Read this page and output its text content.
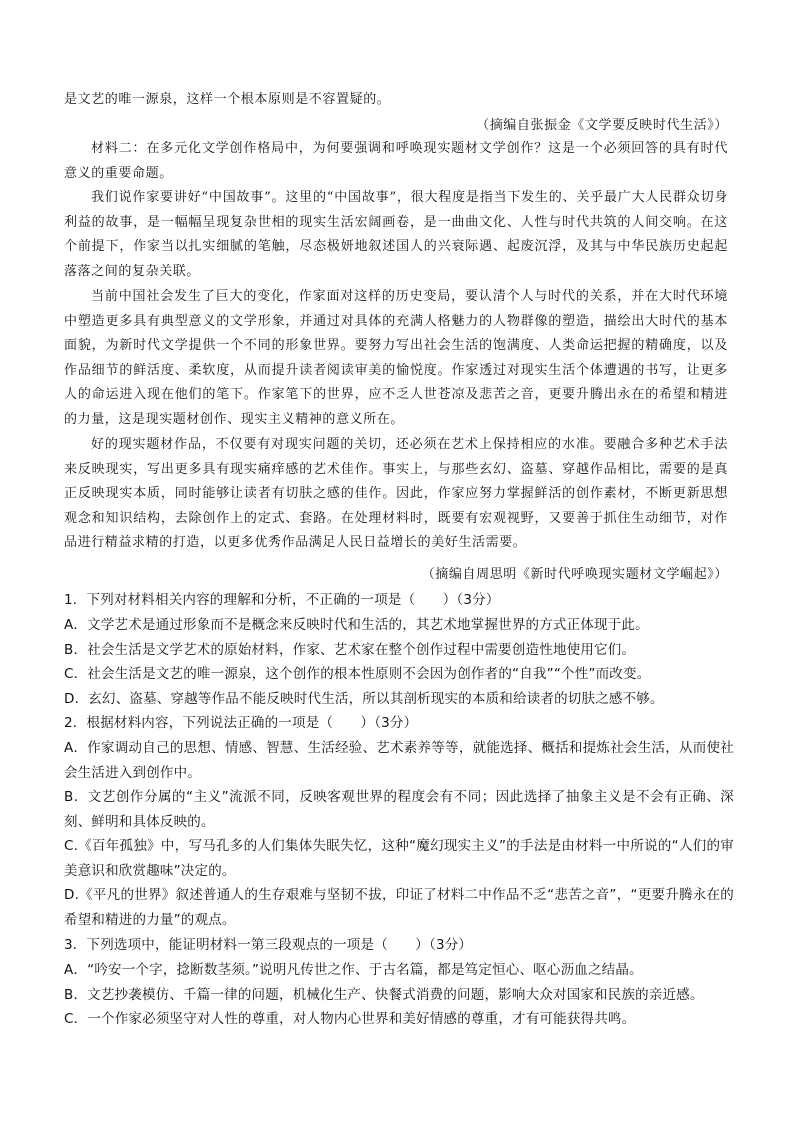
是文艺的唯一源泉，这样一个根本原则是不容置疑的。

（摘编自张振金《文学要反映时代生活》）

材料二：在多元化文学创作格局中，为何要强调和呼唤现实题材文学创作？这是一个必须回答的具有时代意义的重要命题。

我们说作家要讲好“中国故事”。这里的“中国故事”，很大程度是指当下发生的、关乎最广大人民群众切身利益的故事，是一幅幅呈现复杂世相的现实生活宏阔画卷，是一曲曲文化、人性与时代共筑的人间交响。在这个前提下，作家当以扎实细腻的笔触，尽态极妍地叙述国人的兴衰际遇、起废沉浮，及其与中华民族历史起起落落之间的复杂关联。

当前中国社会发生了巨大的变化，作家面对这样的历史变局，要认清个人与时代的关系，并在大时代环境中塑造更多具有典型意义的文学形象，并通过对具体的充满人格魅力的人物群像的塑造，描绘出大时代的基本面貌，为新时代文学提供一个不同的形象世界。要努力写出社会生活的饱满度、人类命运把握的精确度，以及作品细节的鲜活度、柔软度，从而提升读者阅读审美的愉悦度。作家透过对现实生活个体遭遇的书写，让更多人的命运进入现在他们的笔下。作家笔下的世界，应不乏人世苍凉及悲苦之音，更要升腾出永在的希望和精进的力量，这是现实题材创作、现实主义精神的意义所在。

好的现实题材作品，不仅要有对现实问题的关切，还必须在艺术上保持相应的水准。要融合多种艺术手法来反映现实，写出更多具有现实痛痒感的艺术佳作。事实上，与那些玄幻、盗墓、穿越作品相比，需要的是真正反映现实本质，同时能够让读者有切肤之感的佳作。因此，作家应努力掌握鲜活的创作素材，不断更新思想观念和知识结构，去除创作上的定式、套路。在处理材料时，既要有宏观视野，又要善于抓住生动细节，对作品进行精益求精的打造，以更多优秀作品满足人民日益增长的美好生活需要。

（摘编自周思明《新时代呼唤现实题材文学崛起》）

1．下列对材料相关内容的理解和分析，不正确的一项是（　　）（3分）

A．文学艺术是通过形象而不是概念来反映时代和生活的，其艺术地掌握世界的方式正体现于此。

B．社会生活是文学艺术的原始材料，作家、艺术家在整个创作过程中需要创造性地使用它们。

C．社会生活是文艺的唯一源泉，这个创作的根本性原则不会因为创作者的“自我”“个性”而改变。

D．玄幻、盗墓、穿越等作品不能反映时代生活，所以其剖析现实的本质和给读者的切肤之感不够。

2．根据材料内容，下列说法正确的一项是（　　）（3分）

A．作家调动自己的思想、情感、智慧、生活经验、艺术素养等等，就能选择、概括和提炼社会生活，从而使社会生活进入到创作中。

B．文艺创作分属的“主义”流派不同，反映客观世界的程度会有不同；因此选择了抽象主义是不会有正确、深刻、鲜明和具体反映的。

C.《百年孤独》中，写马孔多的人们集体失眠失忆，这种“魔幻现实主义”的手法是由材料一中所说的“人们的审美意识和欣赏趣味”决定的。

D.《平凡的世界》叙述普通人的生存艰难与坚韧不拔，印证了材料二中作品不乏“悲苦之音”，“更要升腾永在的希望和精进的力量”的观点。

3．下列选项中，能证明材料一第三段观点的一项是（　　）（3分）

A．“吟安一个字，捻断数茎须。”说明凡传世之作、于古名篇，都是笃定恒心、呕心沥血之结晶。

B．文艺抄袭模仿、千篇一律的问题，机械化生产、快餐式消费的问题，影响大众对国家和民族的亲近感。

C．一个作家必须坚守对人性的尊重，对人物内心世界和美好情感的尊重，才有可能获得共鸣。
